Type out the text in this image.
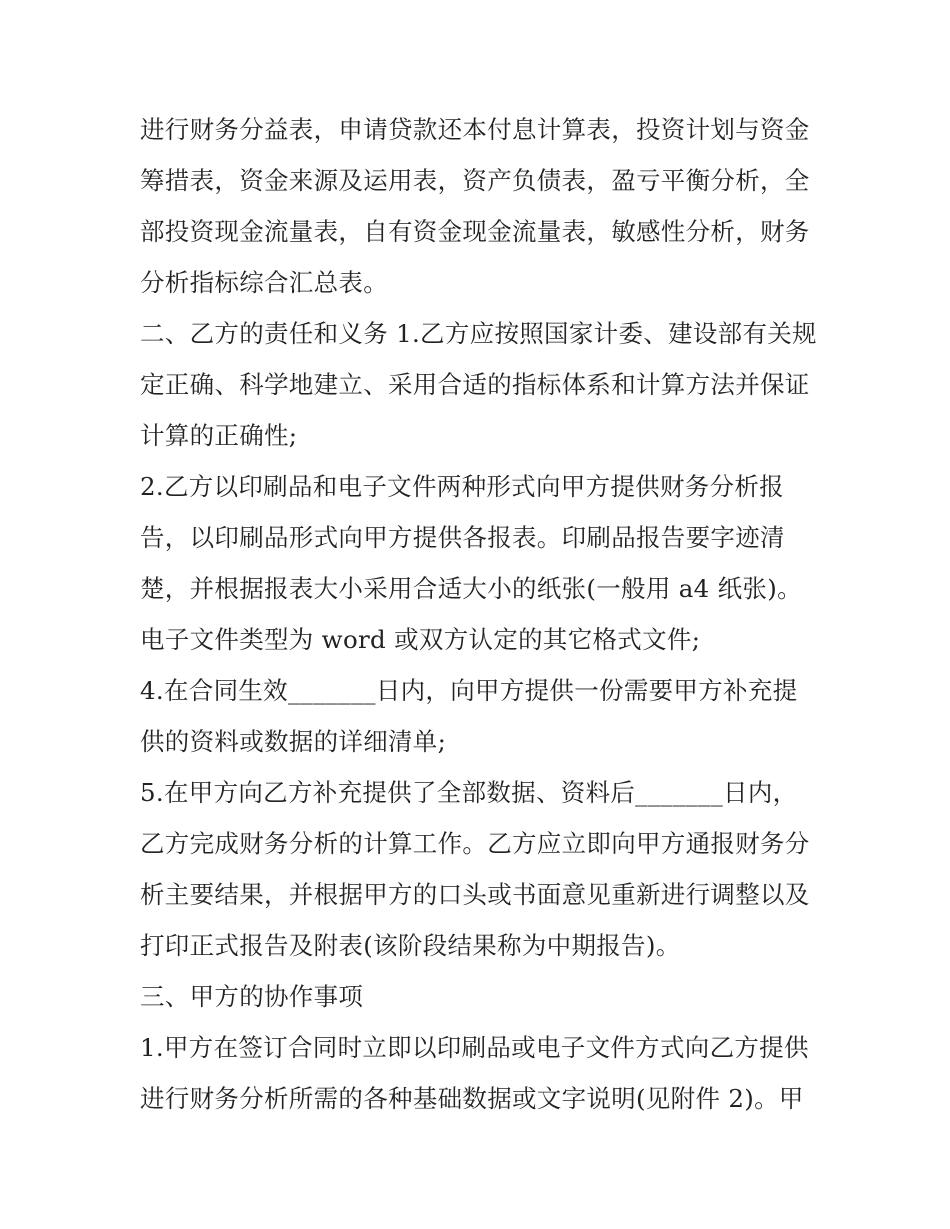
进行财务分益表，申请贷款还本付息计算表，投资计划与资金
筹措表，资金来源及运用表，资产负债表，盈亏平衡分析，全
部投资现金流量表，自有资金现金流量表，敏感性分析，财务
分析指标综合汇总表。
二、乙方的责任和义务 1.乙方应按照国家计委、建设部有关规
定正确、科学地建立、采用合适的指标体系和计算方法并保证
计算的正确性;
2.乙方以印刷品和电子文件两种形式向甲方提供财务分析报
告，以印刷品形式向甲方提供各报表。印刷品报告要字迹清
楚，并根据报表大小采用合适大小的纸张(一般用 a4 纸张)。
电子文件类型为 word 或双方认定的其它格式文件;
4.在合同生效_______日内，向甲方提供一份需要甲方补充提
供的资料或数据的详细清单;
5.在甲方向乙方补充提供了全部数据、资料后_______日内，
乙方完成财务分析的计算工作。乙方应立即向甲方通报财务分
析主要结果，并根据甲方的口头或书面意见重新进行调整以及
打印正式报告及附表(该阶段结果称为中期报告)。
三、甲方的协作事项
1.甲方在签订合同时立即以印刷品或电子文件方式向乙方提供
进行财务分析所需的各种基础数据或文字说明(见附件 2)。甲
